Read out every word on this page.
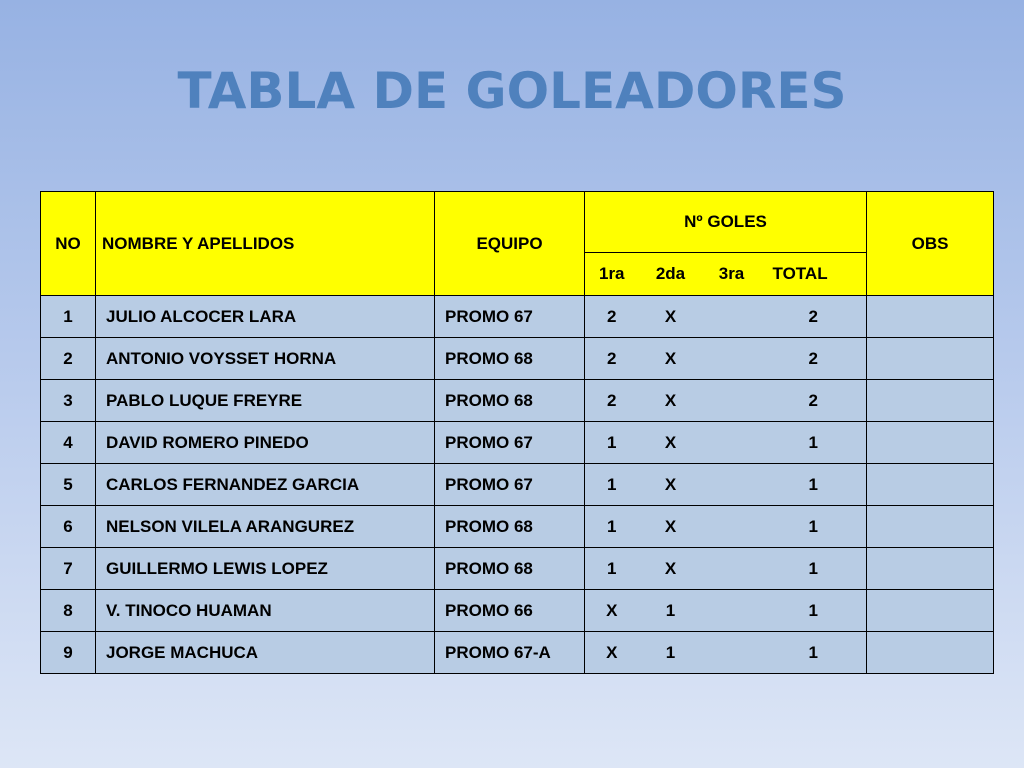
TABLA DE GOLEADORES
NO	NOMBRE Y APELLIDOS	EQUIPO	Nº GOLES				OBS
			1ra	2da	3ra	TOTAL	
1	JULIO ALCOCER LARA	PROMO 67	2	X		2	
2	ANTONIO VOYSSET HORNA	PROMO 68	2	X		2	
3	PABLO LUQUE FREYRE	PROMO 68	2	X		2	
4	DAVID ROMERO PINEDO	PROMO 67	1	X		1	
5	CARLOS FERNANDEZ GARCIA	PROMO 67	1	X		1	
6	NELSON VILELA ARANGUREZ	PROMO 68	1	X		1	
7	GUILLERMO LEWIS LOPEZ	PROMO 68	1	X		1	
8	V. TINOCO HUAMAN	PROMO 66	X	1		1	
9	JORGE MACHUCA	PROMO 67-A	X	1		1	
